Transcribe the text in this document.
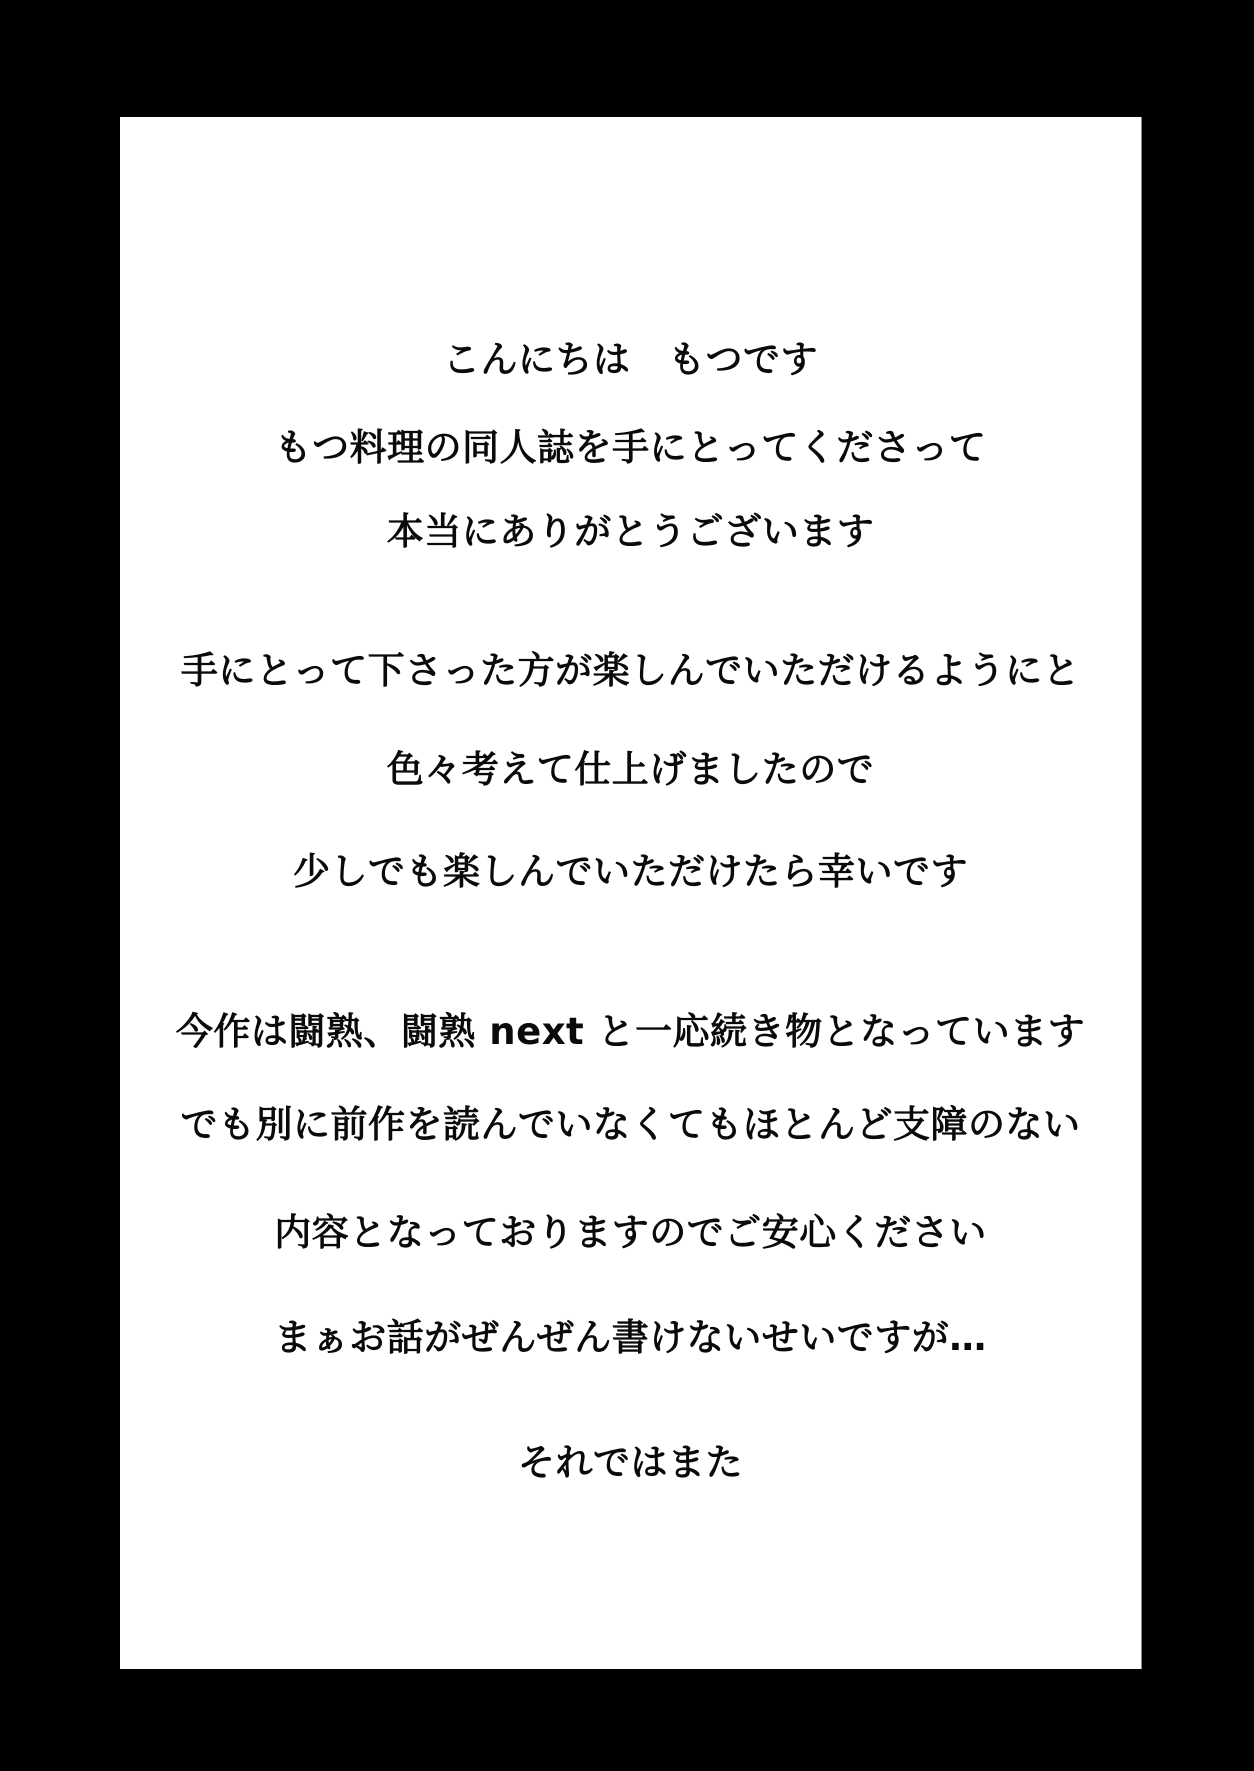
こんにちは　もつです
もつ料理の同人誌を手にとってくださって
本当にありがとうございます
手にとって下さった方が楽しんでいただけるようにと
色々考えて仕上げましたので
少しでも楽しんでいただけたら幸いです
今作は闘熟、闘熟 next と一応続き物となっています
でも別に前作を読んでいなくてもほとんど支障のない
内容となっておりますのでご安心ください
まぁお話がぜんぜん書けないせいですが…
それではまた
